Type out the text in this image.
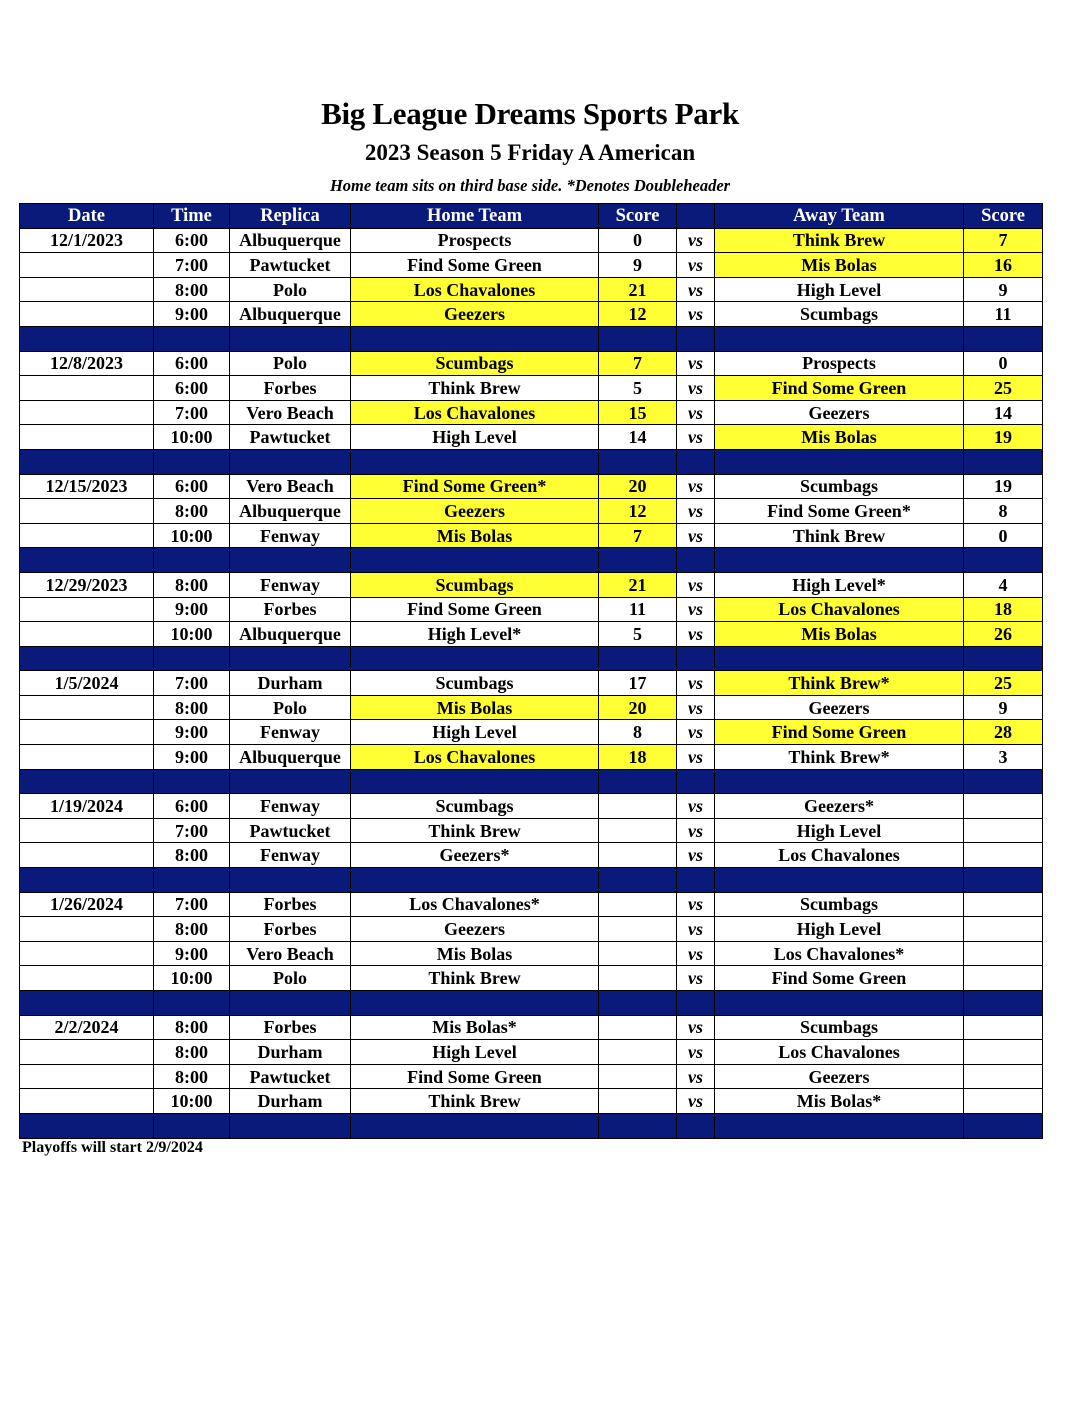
Big League Dreams Sports Park
2023 Season 5 Friday A American
Home team sits on third base side. *Denotes Doubleheader
Date	Time	Replica	Home Team	Score		Away Team	Score
12/1/2023	6:00	Albuquerque	Prospects	0	vs	Think Brew	7
	7:00	Pawtucket	Find Some Green	9	vs	Mis Bolas	16
	8:00	Polo	Los Chavalones	21	vs	High Level	9
	9:00	Albuquerque	Geezers	12	vs	Scumbags	11

12/8/2023	6:00	Polo	Scumbags	7	vs	Prospects	0
	6:00	Forbes	Think Brew	5	vs	Find Some Green	25
	7:00	Vero Beach	Los Chavalones	15	vs	Geezers	14
	10:00	Pawtucket	High Level	14	vs	Mis Bolas	19

12/15/2023	6:00	Vero Beach	Find Some Green*	20	vs	Scumbags	19
	8:00	Albuquerque	Geezers	12	vs	Find Some Green*	8
	10:00	Fenway	Mis Bolas	7	vs	Think Brew	0

12/29/2023	8:00	Fenway	Scumbags	21	vs	High Level*	4
	9:00	Forbes	Find Some Green	11	vs	Los Chavalones	18
	10:00	Albuquerque	High Level*	5	vs	Mis Bolas	26

1/5/2024	7:00	Durham	Scumbags	17	vs	Think Brew*	25
	8:00	Polo	Mis Bolas	20	vs	Geezers	9
	9:00	Fenway	High Level	8	vs	Find Some Green	28
	9:00	Albuquerque	Los Chavalones	18	vs	Think Brew*	3

1/19/2024	6:00	Fenway	Scumbags		vs	Geezers*	
	7:00	Pawtucket	Think Brew		vs	High Level	
	8:00	Fenway	Geezers*		vs	Los Chavalones	

1/26/2024	7:00	Forbes	Los Chavalones*		vs	Scumbags	
	8:00	Forbes	Geezers		vs	High Level	
	9:00	Vero Beach	Mis Bolas		vs	Los Chavalones*	
	10:00	Polo	Think Brew		vs	Find Some Green	

2/2/2024	8:00	Forbes	Mis Bolas*		vs	Scumbags	
	8:00	Durham	High Level		vs	Los Chavalones	
	8:00	Pawtucket	Find Some Green		vs	Geezers	
	10:00	Durham	Think Brew		vs	Mis Bolas*	

Playoffs will start 2/9/2024
